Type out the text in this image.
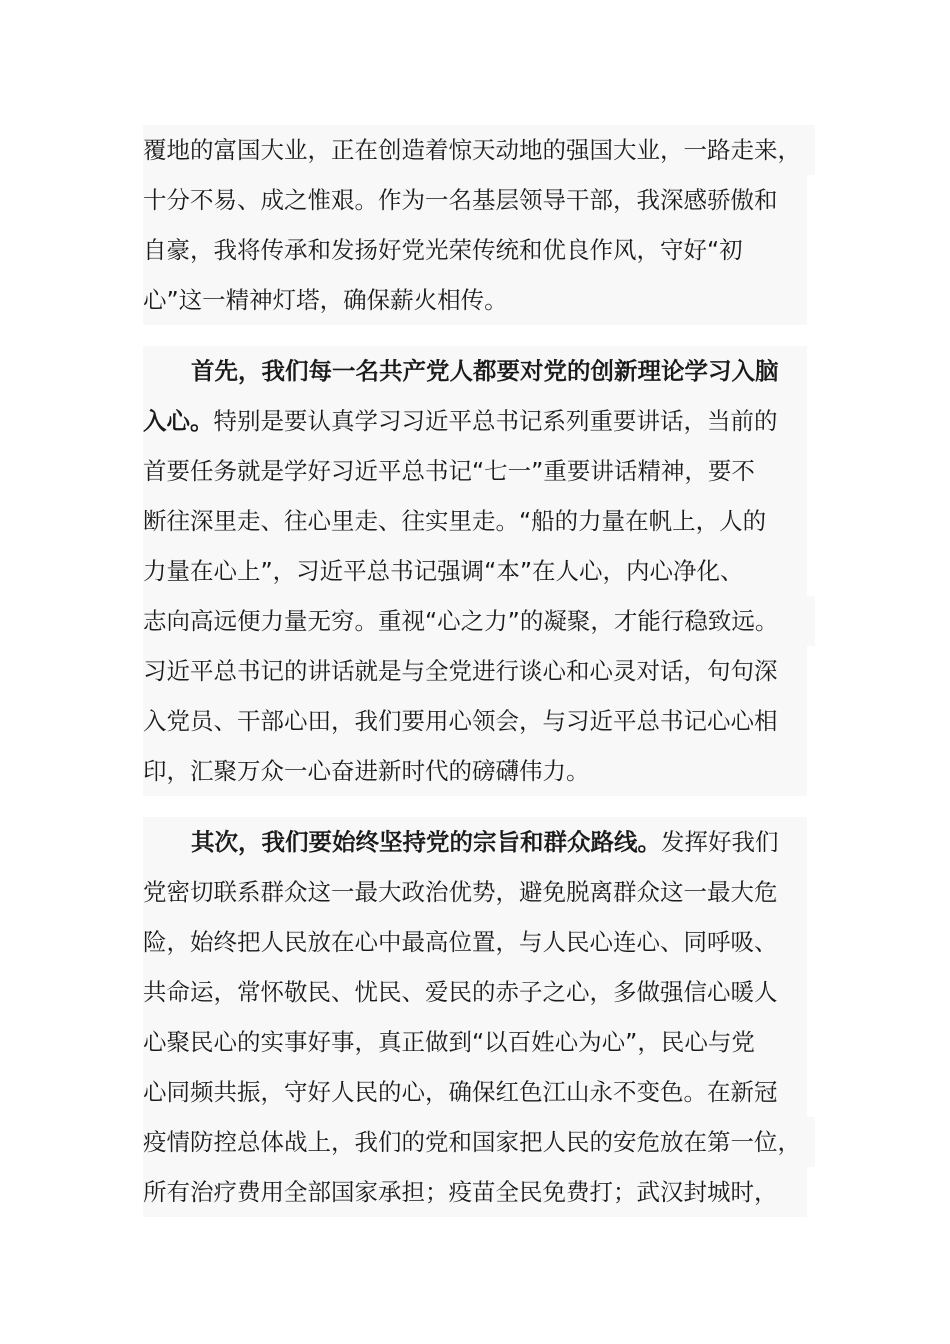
覆地的富国大业，正在创造着惊天动地的强国大业，一路走来，
十分不易、成之惟艰。作为一名基层领导干部，我深感骄傲和
自豪，我将传承和发扬好党光荣传统和优良作风，守好“初
心”这一精神灯塔，确保薪火相传。
首先，我们每一名共产党人都要对党的创新理论学习入脑
入心。特别是要认真学习习近平总书记系列重要讲话，当前的
首要任务就是学好习近平总书记“七一”重要讲话精神，要不
断往深里走、往心里走、往实里走。“船的力量在帆上，人的
力量在心上”，习近平总书记强调“本”在人心，内心净化、
志向高远便力量无穷。重视“心之力”的凝聚，才能行稳致远。
习近平总书记的讲话就是与全党进行谈心和心灵对话，句句深
入党员、干部心田，我们要用心领会，与习近平总书记心心相
印，汇聚万众一心奋进新时代的磅礴伟力。
其次，我们要始终坚持党的宗旨和群众路线。发挥好我们
党密切联系群众这一最大政治优势，避免脱离群众这一最大危
险，始终把人民放在心中最高位置，与人民心连心、同呼吸、
共命运，常怀敬民、忧民、爱民的赤子之心，多做强信心暖人
心聚民心的实事好事，真正做到“以百姓心为心”，民心与党
心同频共振，守好人民的心，确保红色江山永不变色。在新冠
疫情防控总体战上，我们的党和国家把人民的安危放在第一位，
所有治疗费用全部国家承担；疫苗全民免费打；武汉封城时，
